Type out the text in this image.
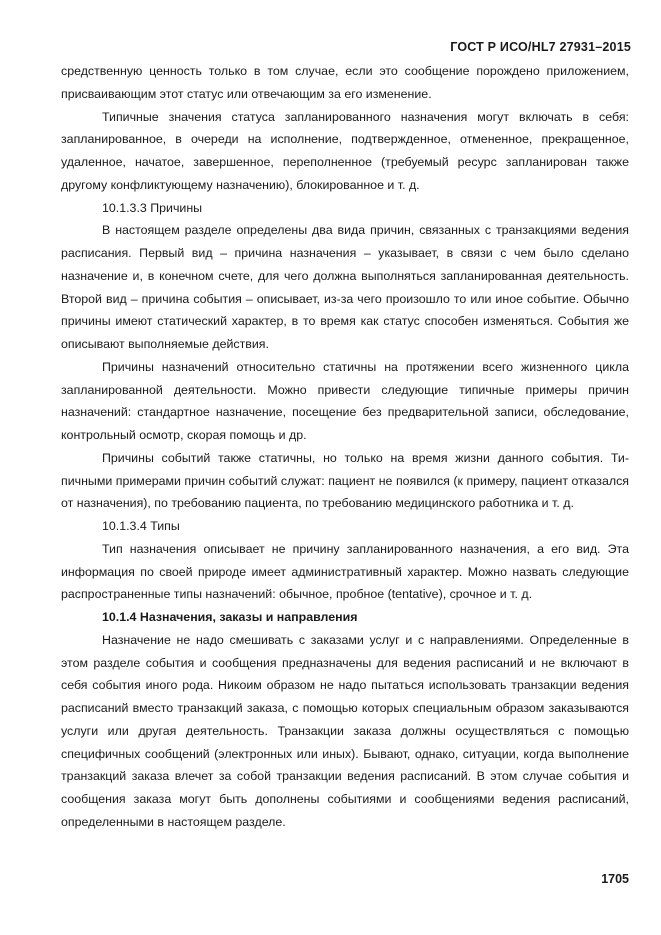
ГОСТ Р ИСО/HL7 27931–2015

средственную ценность только в том случае, если это сообщение порождено приложением, присваивающим этот статус или отвечающим за его изменение.

Типичные значения статуса запланированного назначения могут включать в себя: запланированное, в очереди на исполнение, подтвержденное, отмененное, прекращенное, удаленное, начатое, завершенное, переполненное (требуемый ресурс запланирован также другому конфликтующему назначению), блокированное и т. д.

10.1.3.3 Причины

В настоящем разделе определены два вида причин, связанных с транзакциями ведения расписания. Первый вид – причина назначения – указывает, в связи с чем было сделано назначение и, в конечном счете, для чего должна выполняться запланированная деятельность. Второй вид – причина события – описывает, из-за чего произошло то или иное событие. Обычно причины имеют статический характер, в то время как статус способен изменяться. События же описывают выполняемые действия.

Причины назначений относительно статичны на протяжении всего жизненного цикла запланированной деятельности. Можно привести следующие типичные примеры причин назначений: стандартное назначение, посещение без предварительной записи, обследование, контрольный осмотр, скорая помощь и др.

Причины событий также статичны, но только на время жизни данного события. Типичными примерами причин событий служат: пациент не появился (к примеру, пациент отказался от назначения), по требованию пациента, по требованию медицинского работника и т. д.

10.1.3.4 Типы

Тип назначения описывает не причину запланированного назначения, а его вид. Эта информация по своей природе имеет административный характер. Можно назвать следующие распространенные типы назначений: обычное, пробное (tentative), срочное и т. д.

10.1.4 Назначения, заказы и направления

Назначение не надо смешивать с заказами услуг и с направлениями. Определенные в этом разделе события и сообщения предназначены для ведения расписаний и не включают в себя события иного рода. Никоим образом не надо пытаться использовать транзакции ведения расписаний вместо транзакций заказа, с помощью которых специальным образом заказываются услуги или другая деятельность. Транзакции заказа должны осуществляться с помощью специфичных сообщений (электронных или иных). Бывают, однако, ситуации, когда выполнение транзакций заказа влечет за собой транзакции ведения расписаний. В этом случае события и сообщения заказа могут быть дополнены событиями и сообщениями ведения расписаний, определенными в настоящем разделе.

1705
